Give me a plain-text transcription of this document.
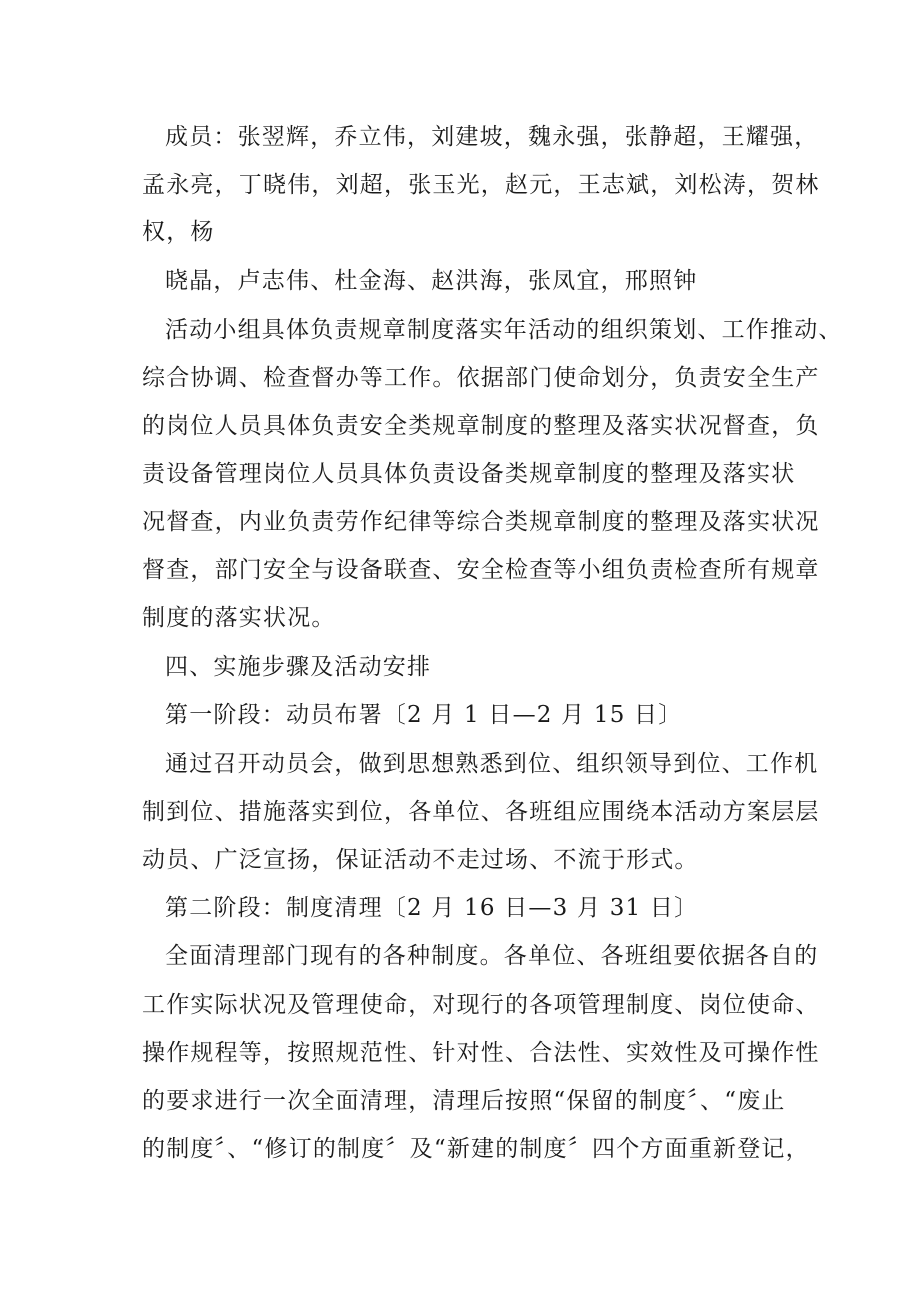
成员：张翌辉，乔立伟，刘建坡，魏永强，张静超，王耀强，

孟永亮，丁晓伟，刘超，张玉光，赵元，王志斌，刘松涛，贺林

权，杨

晓晶，卢志伟、杜金海、赵洪海，张凤宜，邢照钟

活动小组具体负责规章制度落实年活动的组织策划、工作推动、

综合协调、检查督办等工作。依据部门使命划分，负责安全生产

的岗位人员具体负责安全类规章制度的整理及落实状况督查，负

责设备管理岗位人员具体负责设备类规章制度的整理及落实状

况督查，内业负责劳作纪律等综合类规章制度的整理及落实状况

督查，部门安全与设备联查、安全检查等小组负责检查所有规章

制度的落实状况。

四、实施步骤及活动安排

第一阶段：动员布署〔2 月 1 日—2 月 15 日〕

通过召开动员会，做到思想熟悉到位、组织领导到位、工作机

制到位、措施落实到位，各单位、各班组应围绕本活动方案层层

动员、广泛宣扬，保证活动不走过场、不流于形式。

第二阶段：制度清理〔2 月 16 日—3 月 31 日〕

全面清理部门现有的各种制度。各单位、各班组要依据各自的

工作实际状况及管理使命，对现行的各项管理制度、岗位使命、

操作规程等，按照规范性、针对性、合法性、实效性及可操作性

的要求进行一次全面清理，清理后按照“保留的制度〞、“废止

的制度〞、“修订的制度〞及“新建的制度〞四个方面重新登记，
